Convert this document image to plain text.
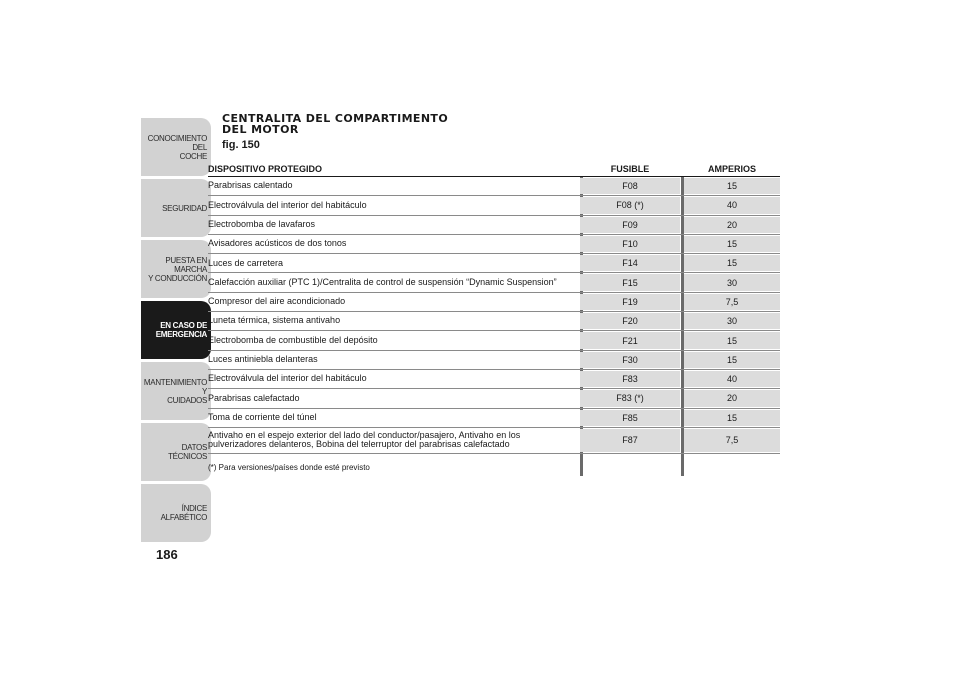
CONOCIMIENTO DEL
COCHE
SEGURIDAD
PUESTA EN MARCHA
Y CONDUCCIÓN
EN CASO DE
EMERGENCIA
MANTENIMIENTO Y
CUIDADOS
DATOS TÉCNICOS
ÍNDICE ALFABÉTICO
186
CENTRALITA DEL COMPARTIMENTO
DEL MOTOR
fig. 150
DISPOSITIVO PROTEGIDO	FUSIBLE	AMPERIOS
Parabrisas calentado	F08	15
Electroválvula del interior del habitáculo	F08 (*)	40
Electrobomba de lavafaros	F09	20
Avisadores acústicos de dos tonos	F10	15
Luces de carretera	F14	15
Calefacción auxiliar (PTC 1)/Centralita de control de suspensión “Dynamic Suspension”	F15	30
Compresor del aire acondicionado	F19	7,5
Luneta térmica, sistema antivaho	F20	30
Electrobomba de combustible del depósito	F21	15
Luces antiniebla delanteras	F30	15
Electroválvula del interior del habitáculo	F83	40
Parabrisas calefactado	F83 (*)	20
Toma de corriente del túnel	F85	15
Antivaho en el espejo exterior del lado del conductor/pasajero, Antivaho en los pulverizadores delanteros, Bobina del telerruptor del parabrisas calefactado	F87	7,5
(*) Para versiones/países donde esté previsto
